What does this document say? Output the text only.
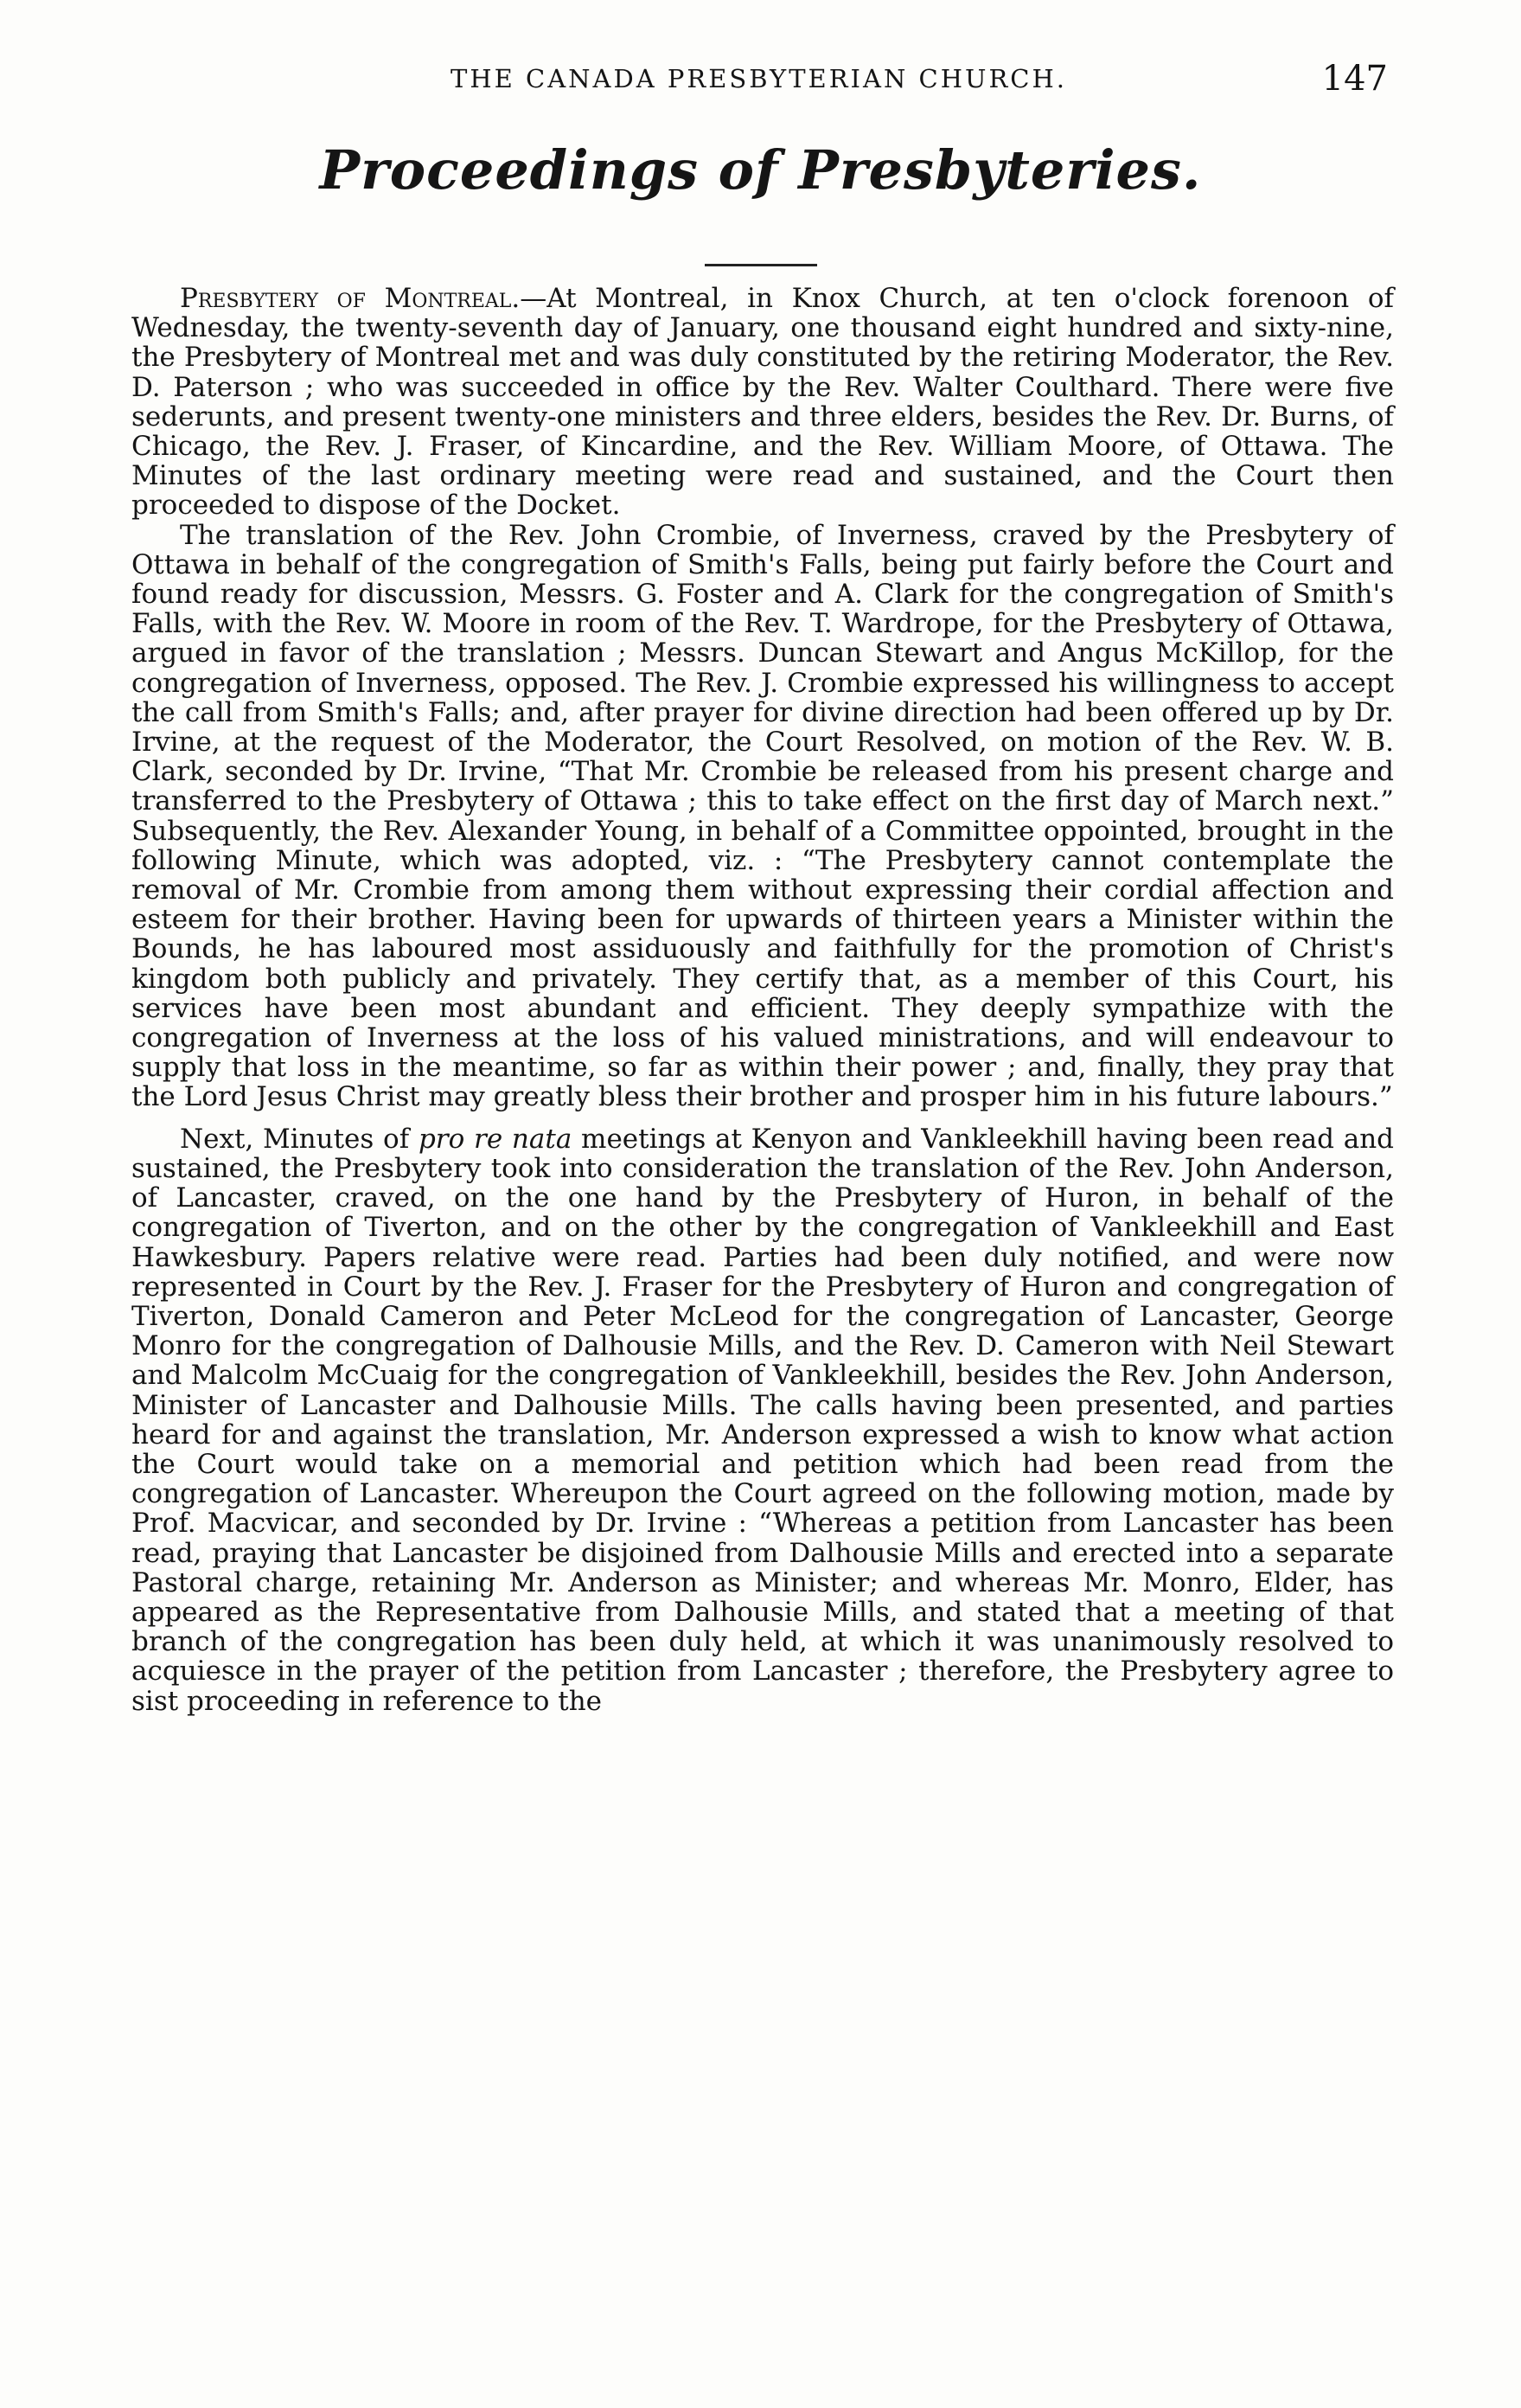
THE CANADA PRESBYTERIAN CHURCH.	147
Proceedings of Presbyteries.

Presbytery of Montreal.—At Montreal, in Knox Church, at ten o'clock forenoon of Wednesday, the twenty-seventh day of January, one thousand eight hundred and sixty-nine, the Presbytery of Montreal met and was duly constituted by the retiring Moderator, the Rev. D. Paterson ; who was succeeded in office by the Rev. Walter Coulthard. There were five sederunts, and present twenty-one ministers and three elders, besides the Rev. Dr. Burns, of Chicago, the Rev. J. Fraser, of Kincardine, and the Rev. William Moore, of Ottawa. The Minutes of the last ordinary meeting were read and sustained, and the Court then proceeded to dispose of the Docket.

The translation of the Rev. John Crombie, of Inverness, craved by the Presbytery of Ottawa in behalf of the congregation of Smith's Falls, being put fairly before the Court and found ready for discussion, Messrs. G. Foster and A. Clark for the congregation of Smith's Falls, with the Rev. W. Moore in room of the Rev. T. Wardrope, for the Presbytery of Ottawa, argued in favor of the translation ; Messrs. Duncan Stewart and Angus McKillop, for the congregation of Inverness, opposed. The Rev. J. Crombie expressed his willingness to accept the call from Smith's Falls; and, after prayer for divine direction had been offered up by Dr. Irvine, at the request of the Moderator, the Court Resolved, on motion of the Rev. W. B. Clark, seconded by Dr. Irvine, “That Mr. Crombie be released from his present charge and transferred to the Presbytery of Ottawa ; this to take effect on the first day of March next.” Subsequently, the Rev. Alexander Young, in behalf of a Committee oppointed, brought in the following Minute, which was adopted, viz. : “The Presbytery cannot contemplate the removal of Mr. Crombie from among them without expressing their cordial affection and esteem for their brother. Having been for upwards of thirteen years a Minister within the Bounds, he has laboured most assiduously and faithfully for the promotion of Christ's kingdom both publicly and privately. They certify that, as a member of this Court, his services have been most abundant and efficient. They deeply sympathize with the congregation of Inverness at the loss of his valued ministrations, and will endeavour to supply that loss in the meantime, so far as within their power ; and, finally, they pray that the Lord Jesus Christ may greatly bless their brother and prosper him in his future labours.”

Next, Minutes of pro re nata meetings at Kenyon and Vankleekhill having been read and sustained, the Presbytery took into consideration the translation of the Rev. John Anderson, of Lancaster, craved, on the one hand by the Presbytery of Huron, in behalf of the congregation of Tiverton, and on the other by the congregation of Vankleekhill and East Hawkesbury. Papers relative were read. Parties had been duly notified, and were now represented in Court by the Rev. J. Fraser for the Presbytery of Huron and congregation of Tiverton, Donald Cameron and Peter McLeod for the congregation of Lancaster, George Monro for the congregation of Dalhousie Mills, and the Rev. D. Cameron with Neil Stewart and Malcolm McCuaig for the congregation of Vankleekhill, besides the Rev. John Anderson, Minister of Lancaster and Dalhousie Mills. The calls having been presented, and parties heard for and against the translation, Mr. Anderson expressed a wish to know what action the Court would take on a memorial and petition which had been read from the congregation of Lancaster. Whereupon the Court agreed on the following motion, made by Prof. Macvicar, and seconded by Dr. Irvine : “Whereas a petition from Lancaster has been read, praying that Lancaster be disjoined from Dalhousie Mills and erected into a separate Pastoral charge, retaining Mr. Anderson as Minister; and whereas Mr. Monro, Elder, has appeared as the Representative from Dalhousie Mills, and stated that a meeting of that branch of the congregation has been duly held, at which it was unanimously resolved to acquiesce in the prayer of the petition from Lancaster ; therefore, the Presbytery agree to sist proceeding in reference to the
